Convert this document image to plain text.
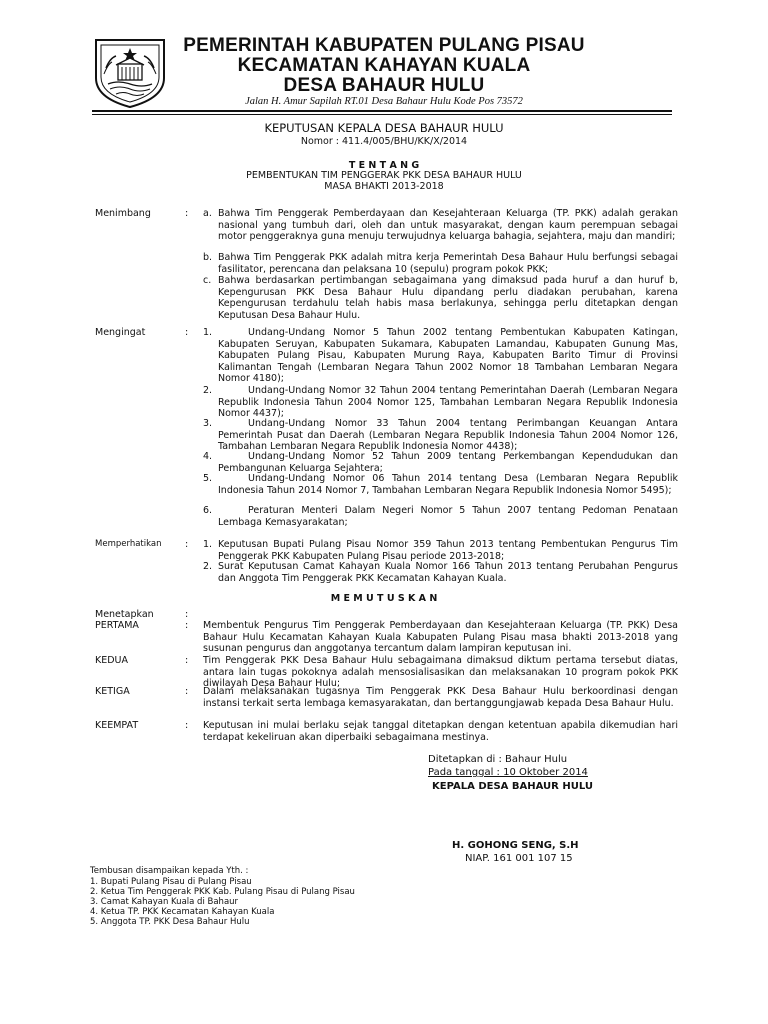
PEMERINTAH KABUPATEN PULANG PISAU
KECAMATAN KAHAYAN KUALA
DESA BAHAUR HULU
Jalan H. Amur Sapilah RT.01 Desa Bahaur Hulu Kode Pos 73572
KEPUTUSAN KEPALA DESA BAHAUR HULU
Nomor : 411.4/005/BHU/KK/X/2014
T E N T A N G
PEMBENTUKAN TIM PENGGERAK PKK DESA BAHAUR HULU
MASA BHAKTI 2013-2018
Menimbang	: a. Bahwa Tim Penggerak Pemberdayaan dan Kesejahteraan Keluarga (TP. PKK) adalah gerakan nasional yang tumbuh dari, oleh dan untuk masyarakat, dengan kaum perempuan sebagai motor penggeraknya guna menuju terwujudnya keluarga bahagia, sejahtera, maju dan mandiri;
b. Bahwa Tim Penggerak PKK adalah mitra kerja Pemerintah Desa Bahaur Hulu berfungsi sebagai fasilitator, perencana dan pelaksana 10 (sepulu) program pokok PKK;
c. Bahwa berdasarkan pertimbangan sebagaimana yang dimaksud pada huruf a dan huruf b, Kepengurusan PKK Desa Bahaur Hulu dipandang perlu diadakan perubahan, karena Kepengurusan terdahulu telah habis masa berlakunya, sehingga perlu ditetapkan dengan Keputusan Desa Bahaur Hulu.
Mengingat	: 1.	Undang-Undang Nomor 5 Tahun 2002 tentang Pembentukan Kabupaten Katingan, Kabupaten Seruyan, Kabupaten Sukamara, Kabupaten Lamandau, Kabupaten Gunung Mas, Kabupaten Pulang Pisau, Kabupaten Murung Raya, Kabupaten Barito Timur di Provinsi Kalimantan Tengah (Lembaran Negara Tahun 2002 Nomor 18 Tambahan Lembaran Negara Nomor 4180);
2.	Undang-Undang Nomor 32 Tahun 2004 tentang Pemerintahan Daerah (Lembaran Negara Republik Indonesia Tahun 2004 Nomor 125, Tambahan Lembaran Negara Republik Indonesia Nomor 4437);
3.	Undang-Undang Nomor 33 Tahun 2004 tentang Perimbangan Keuangan Antara Pemerintah Pusat dan Daerah (Lembaran Negara Republik Indonesia Tahun 2004 Nomor 126, Tambahan Lembaran Negara Republik Indonesia Nomor 4438);
4.	Undang-Undang Nomor 52 Tahun 2009 tentang Perkembangan Kependudukan dan Pembangunan Keluarga Sejahtera;
5.	Undang-Undang Nomor 06 Tahun 2014 tentang Desa (Lembaran Negara Republik Indonesia Tahun 2014 Nomor 7, Tambahan Lembaran Negara Republik Indonesia Nomor 5495);
6.	Peraturan Menteri Dalam Negeri Nomor 5 Tahun 2007 tentang Pedoman Penataan Lembaga Kemasyarakatan;
Memperhatikan : 1. Keputusan Bupati Pulang Pisau Nomor 359 Tahun 2013 tentang Pembentukan Pengurus Tim Penggerak PKK Kabupaten Pulang Pisau periode 2013-2018;
2. Surat Keputusan Camat Kahayan Kuala Nomor 166 Tahun 2013 tentang Perubahan Pengurus dan Anggota Tim Penggerak PKK Kecamatan Kahayan Kuala.
M E M U T U S K A N
Menetapkan	:
PERTAMA	: Membentuk Pengurus Tim Penggerak Pemberdayaan dan Kesejahteraan Keluarga (TP. PKK) Desa Bahaur Hulu Kecamatan Kahayan Kuala Kabupaten Pulang Pisau masa bhakti 2013-2018 yang susunan pengurus dan anggotanya tercantum dalam lampiran keputusan ini.
KEDUA	: Tim Penggerak PKK Desa Bahaur Hulu sebagaimana dimaksud diktum pertama tersebut diatas, antara lain tugas pokoknya adalah mensosialisasikan dan melaksanakan 10 program pokok PKK diwilayah Desa Bahaur Hulu;
KETIGA	: Dalam melaksanakan tugasnya Tim Penggerak PKK Desa Bahaur Hulu berkoordinasi dengan instansi terkait serta lembaga kemasyarakatan, dan bertanggungjawab kepada Desa Bahaur Hulu.
KEEMPAT	: Keputusan ini mulai berlaku sejak tanggal ditetapkan dengan ketentuan apabila dikemudian hari terdapat kekeliruan akan diperbaiki sebagaimana mestinya.
Ditetapkan di : Bahaur Hulu
Pada tanggal : 10 Oktober 2014
KEPALA DESA BAHAUR HULU
H. GOHONG SENG, S.H
NIAP. 161 001 107 15
Tembusan disampaikan kepada Yth. :
1. Bupati Pulang Pisau di Pulang Pisau
2. Ketua Tim Penggerak PKK Kab. Pulang Pisau di Pulang Pisau
3. Camat Kahayan Kuala di Bahaur
4. Ketua TP. PKK Kecamatan Kahayan Kuala
5. Anggota TP. PKK Desa Bahaur Hulu
